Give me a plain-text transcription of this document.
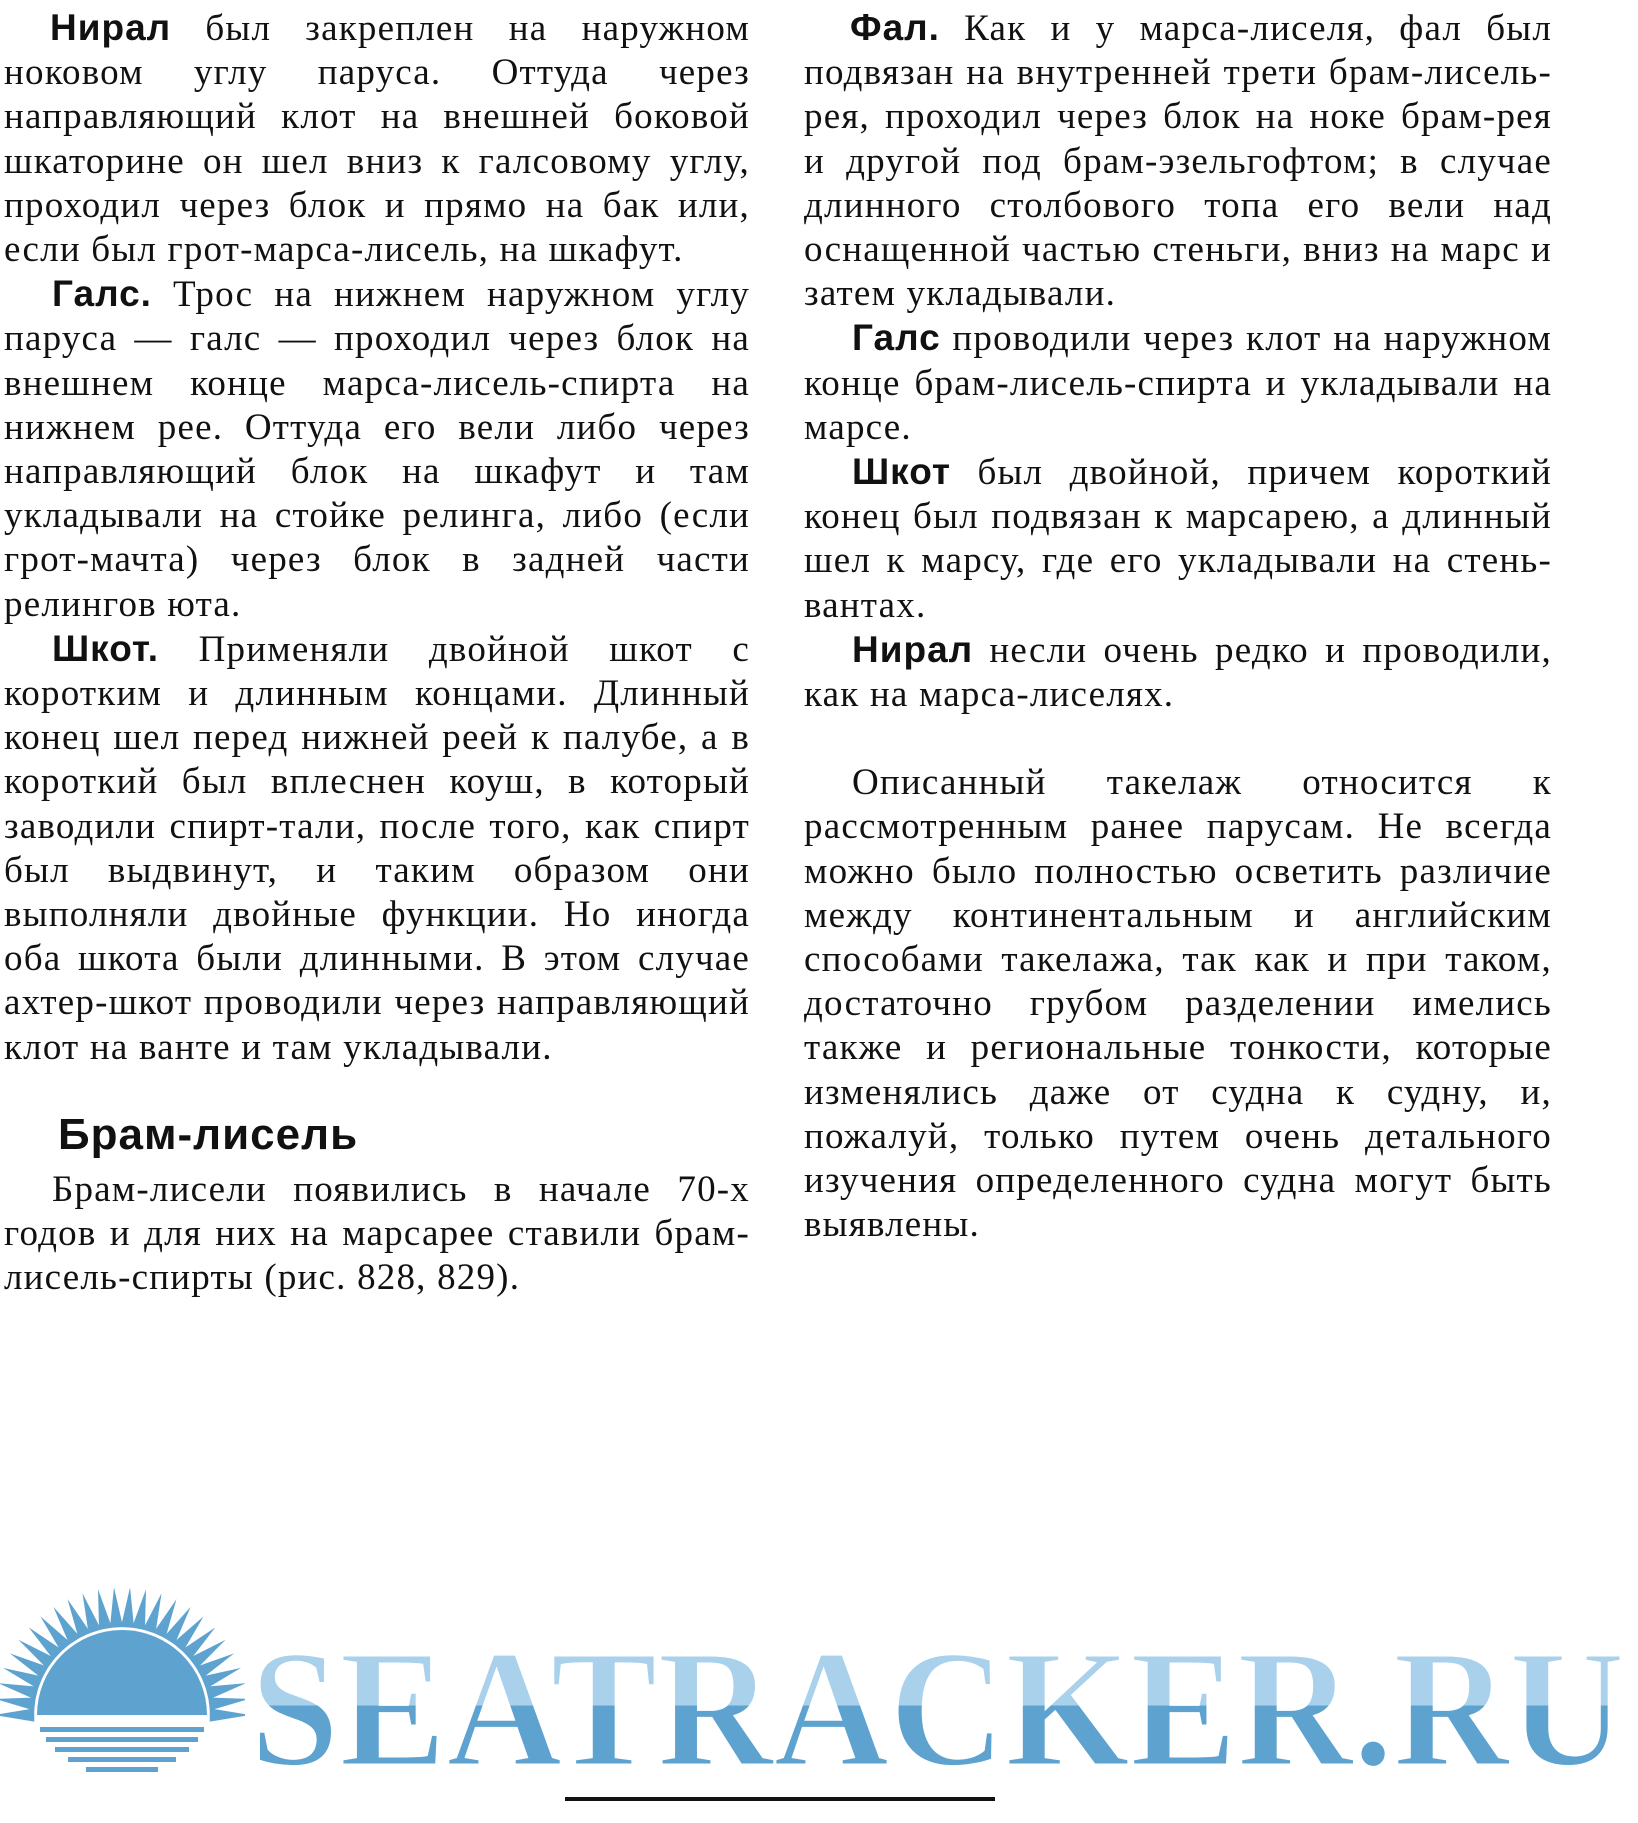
Нирал был закреплен на наружном ноковом углу паруса. Оттуда через направляющий клот на внешней боковой шкаторине он шел вниз к галсовому углу, проходил через блок и прямо на бак или, если был грот-марса-лисель, на шкафут.

Галс. Трос на нижнем наружном углу паруса — галс — проходил через блок на внешнем конце марса-лисель-спирта на нижнем рее. Оттуда его вели либо через направляющий блок на шкафут и там укладывали на стойке релинга, либо (если грот-мачта) через блок в задней части релингов юта.

Шкот. Применяли двойной шкот с коротким и длинным концами. Длинный конец шел перед нижней реей к палубе, а в короткий был вплеснен коуш, в который заводили спирт-тали, после того, как спирт был выдвинут, и таким образом они выполняли двойные функции. Но иногда оба шкота были длинными. В этом случае ахтер-шкот проводили через направляющий клот на ванте и там укладывали.

Брам-лисель

Брам-лисели появились в начале 70-х годов и для них на марсарее ставили брам-лисель-спирты (рис. 828, 829).

Фал. Как и у марса-лиселя, фал был подвязан на внутренней трети брам-лисель-рея, проходил через блок на ноке брам-рея и другой под брам-эзельгофтом; в случае длинного столбового топа его вели над оснащенной частью стеньги, вниз на марс и затем укладывали.

Галс проводили через клот на наружном конце брам-лисель-спирта и укладывали на марсе.

Шкот был двойной, причем короткий конец был подвязан к марсарею, а длинный шел к марсу, где его укладывали на стень-вантах.

Нирал несли очень редко и проводили, как на марса-лиселях.

Описанный такелаж относится к рассмотренным ранее парусам. Не всегда можно было полностью осветить различие между континентальным и английским способами такелажа, так как и при таком, достаточно грубом разделении имелись также и региональные тонкости, которые изменялись даже от судна к судну, и, пожалуй, только путем очень детального изучения определенного судна могут быть выявлены.

SEATRACKER.RU
